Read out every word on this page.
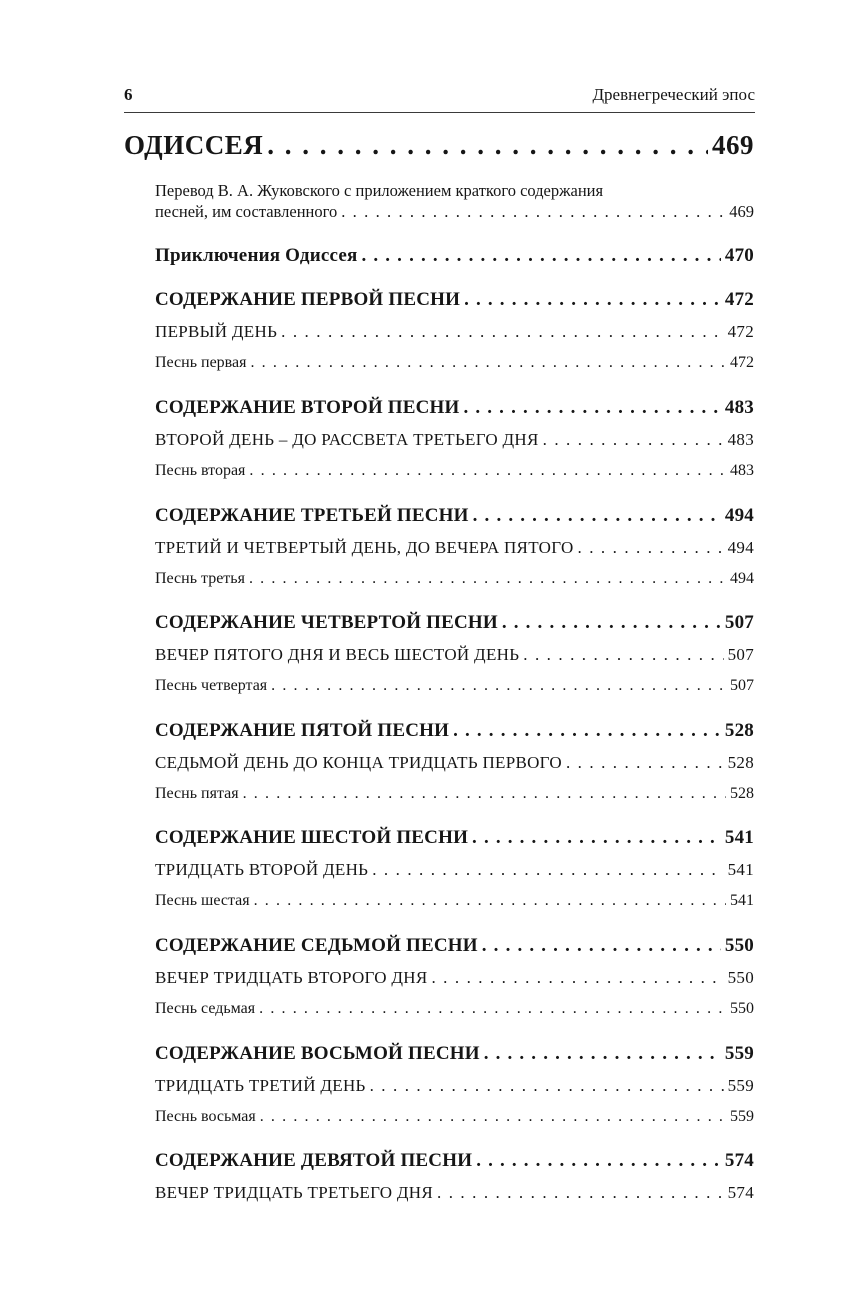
6	Древнегреческий эпос
ОДИССЕЯ . . .	469
Перевод В. А. Жуковского с приложением краткого содержания
песней, им составленного . . .	469
Приключения Одиссея . . .	470
СОДЕРЖАНИЕ ПЕРВОЙ ПЕСНИ . . .	472
ПЕРВЫЙ ДЕНЬ . . .	472
Песнь первая . . .	472
СОДЕРЖАНИЕ ВТОРОЙ ПЕСНИ . . .	483
ВТОРОЙ ДЕНЬ – ДО РАССВЕТА ТРЕТЬЕГО ДНЯ . . .	483
Песнь вторая . . .	483
СОДЕРЖАНИЕ ТРЕТЬЕЙ ПЕСНИ . . .	494
ТРЕТИЙ И ЧЕТВЕРТЫЙ ДЕНЬ, ДО ВЕЧЕРА ПЯТОГО . . .	494
Песнь третья . . .	494
СОДЕРЖАНИЕ ЧЕТВЕРТОЙ ПЕСНИ . . .	507
ВЕЧЕР ПЯТОГО ДНЯ И ВЕСЬ ШЕСТОЙ ДЕНЬ . . .	507
Песнь четвертая . . .	507
СОДЕРЖАНИЕ ПЯТОЙ ПЕСНИ . . .	528
СЕДЬМОЙ ДЕНЬ ДО КОНЦА ТРИДЦАТЬ ПЕРВОГО . . .	528
Песнь пятая . . .	528
СОДЕРЖАНИЕ ШЕСТОЙ ПЕСНИ . . .	541
ТРИДЦАТЬ ВТОРОЙ ДЕНЬ . . .	541
Песнь шестая . . .	541
СОДЕРЖАНИЕ СЕДЬМОЙ ПЕСНИ . . .	550
ВЕЧЕР ТРИДЦАТЬ ВТОРОГО ДНЯ . . .	550
Песнь седьмая . . .	550
СОДЕРЖАНИЕ ВОСЬМОЙ ПЕСНИ . . .	559
ТРИДЦАТЬ ТРЕТИЙ ДЕНЬ . . .	559
Песнь восьмая . . .	559
СОДЕРЖАНИЕ ДЕВЯТОЙ ПЕСНИ . . .	574
ВЕЧЕР ТРИДЦАТЬ ТРЕТЬЕГО ДНЯ . . .	574
